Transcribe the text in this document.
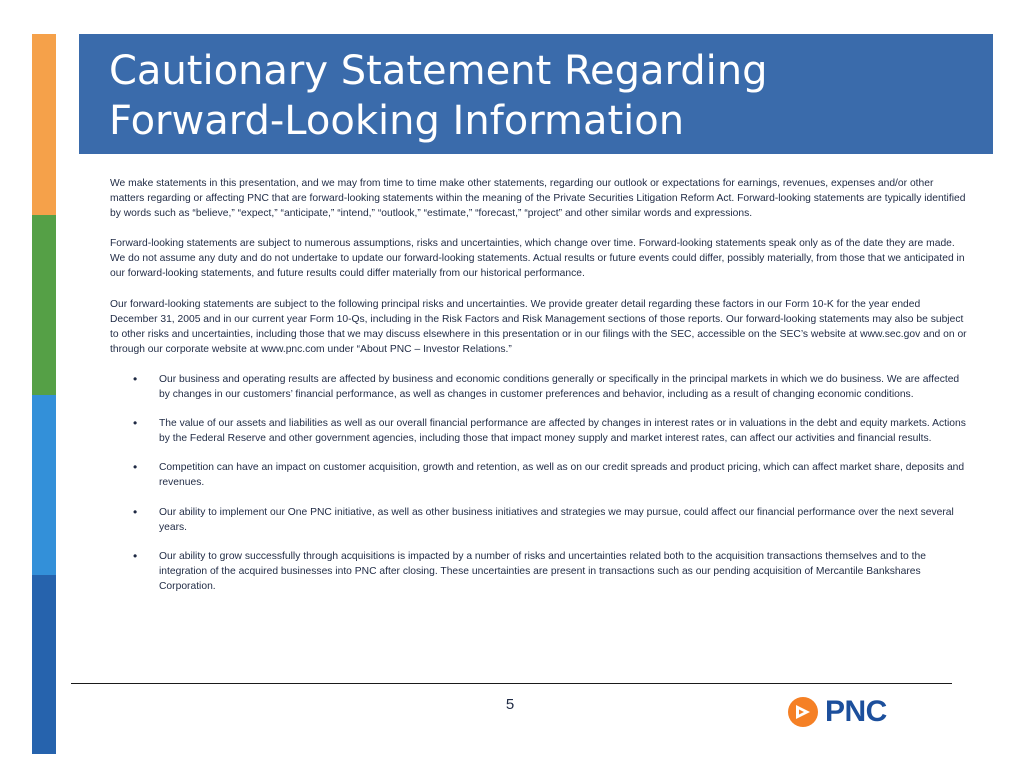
Cautionary Statement Regarding
Forward-Looking Information

We make statements in this presentation, and we may from time to time make other statements, regarding our outlook or expectations for earnings, revenues, expenses and/or other matters regarding or affecting PNC that are forward-looking statements within the meaning of the Private Securities Litigation Reform Act. Forward-looking statements are typically identified by words such as “believe,” “expect,” “anticipate,” “intend,” “outlook,” “estimate,” “forecast,” “project” and other similar words and expressions.

Forward-looking statements are subject to numerous assumptions, risks and uncertainties, which change over time. Forward-looking statements speak only as of the date they are made. We do not assume any duty and do not undertake to update our forward-looking statements. Actual results or future events could differ, possibly materially, from those that we anticipated in our forward-looking statements, and future results could differ materially from our historical performance.

Our forward-looking statements are subject to the following principal risks and uncertainties. We provide greater detail regarding these factors in our Form 10-K for the year ended December 31, 2005 and in our current year Form 10-Qs, including in the Risk Factors and Risk Management sections of those reports. Our forward-looking statements may also be subject to other risks and uncertainties, including those that we may discuss elsewhere in this presentation or in our filings with the SEC, accessible on the SEC’s website at www.sec.gov and on or through our corporate website at www.pnc.com under “About PNC – Investor Relations.”

• Our business and operating results are affected by business and economic conditions generally or specifically in the principal markets in which we do business. We are affected by changes in our customers’ financial performance, as well as changes in customer preferences and behavior, including as a result of changing economic conditions.
• The value of our assets and liabilities as well as our overall financial performance are affected by changes in interest rates or in valuations in the debt and equity markets. Actions by the Federal Reserve and other government agencies, including those that impact money supply and market interest rates, can affect our activities and financial results.
• Competition can have an impact on customer acquisition, growth and retention, as well as on our credit spreads and product pricing, which can affect market share, deposits and revenues.
• Our ability to implement our One PNC initiative, as well as other business initiatives and strategies we may pursue, could affect our financial performance over the next several years.
• Our ability to grow successfully through acquisitions is impacted by a number of risks and uncertainties related both to the acquisition transactions themselves and to the integration of the acquired businesses into PNC after closing. These uncertainties are present in transactions such as our pending acquisition of Mercantile Bankshares Corporation.
5	PNC
